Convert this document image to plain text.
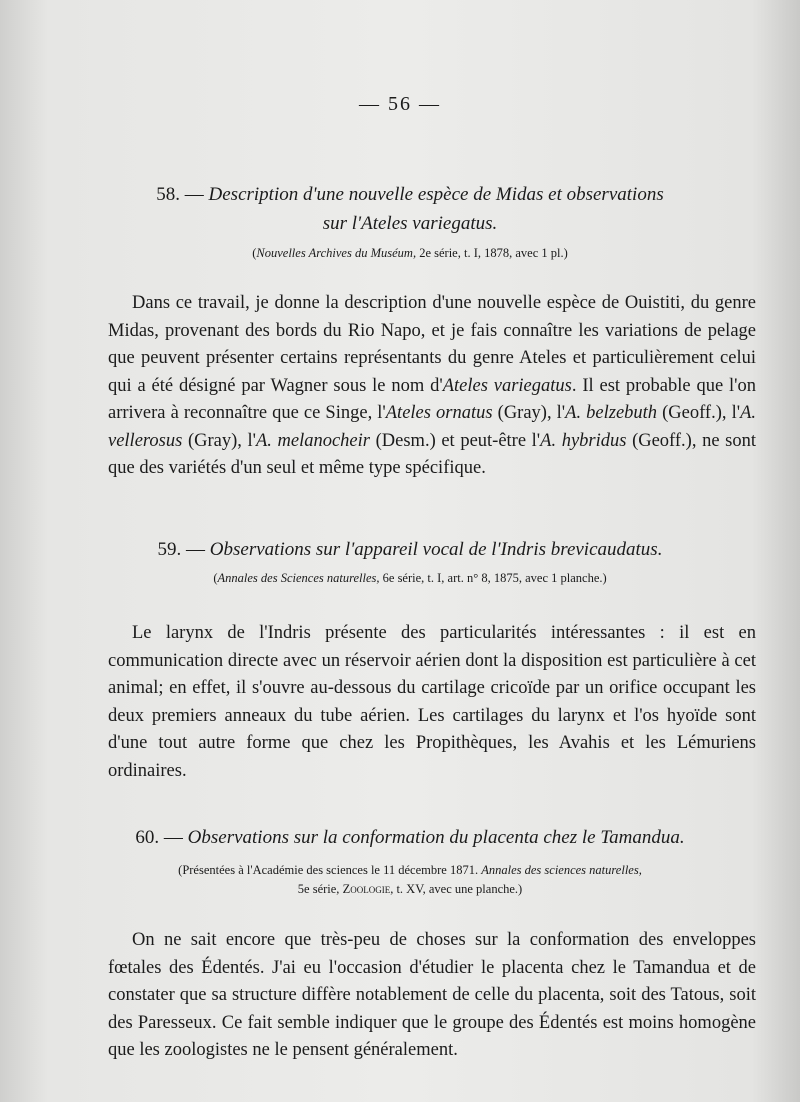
— 56 —
58. — Description d'une nouvelle espèce de Midas et observations
sur l'Ateles variegatus.
(Nouvelles Archives du Muséum, 2e série, t. I, 1878, avec 1 pl.)

Dans ce travail, je donne la description d'une nouvelle espèce de Ouistiti, du genre Midas, provenant des bords du Rio Napo, et je fais connaître les variations de pelage que peuvent présenter certains représentants du genre Ateles et particulièrement celui qui a été désigné par Wagner sous le nom d'Ateles variegatus. Il est probable que l'on arrivera à reconnaître que ce Singe, l'Ateles ornatus (Gray), l'A. belzebuth (Geoff.), l'A. vellerosus (Gray), l'A. melanocheir (Desm.) et peut-être l'A. hybridus (Geoff.), ne sont que des variétés d'un seul et même type spécifique.

59. — Observations sur l'appareil vocal de l'Indris brevicaudatus.
(Annales des Sciences naturelles, 6e série, t. I, art. n° 8, 1875, avec 1 planche.)

Le larynx de l'Indris présente des particularités intéressantes : il est en communication directe avec un réservoir aérien dont la disposition est particulière à cet animal; en effet, il s'ouvre au-dessous du cartilage cricoïde par un orifice occupant les deux premiers anneaux du tube aérien. Les cartilages du larynx et l'os hyoïde sont d'une tout autre forme que chez les Propithèques, les Avahis et les Lémuriens ordinaires.

60. — Observations sur la conformation du placenta chez le Tamandua.
(Présentées à l'Académie des sciences le 11 décembre 1871. Annales des sciences naturelles,
5e série, Zoologie, t. XV, avec une planche.)

On ne sait encore que très-peu de choses sur la conformation des enveloppes fœtales des Édentés. J'ai eu l'occasion d'étudier le placenta chez le Tamandua et de constater que sa structure diffère notablement de celle du placenta, soit des Tatous, soit des Paresseux. Ce fait semble indiquer que le groupe des Édentés est moins homogène que les zoologistes ne le pensent généralement.
